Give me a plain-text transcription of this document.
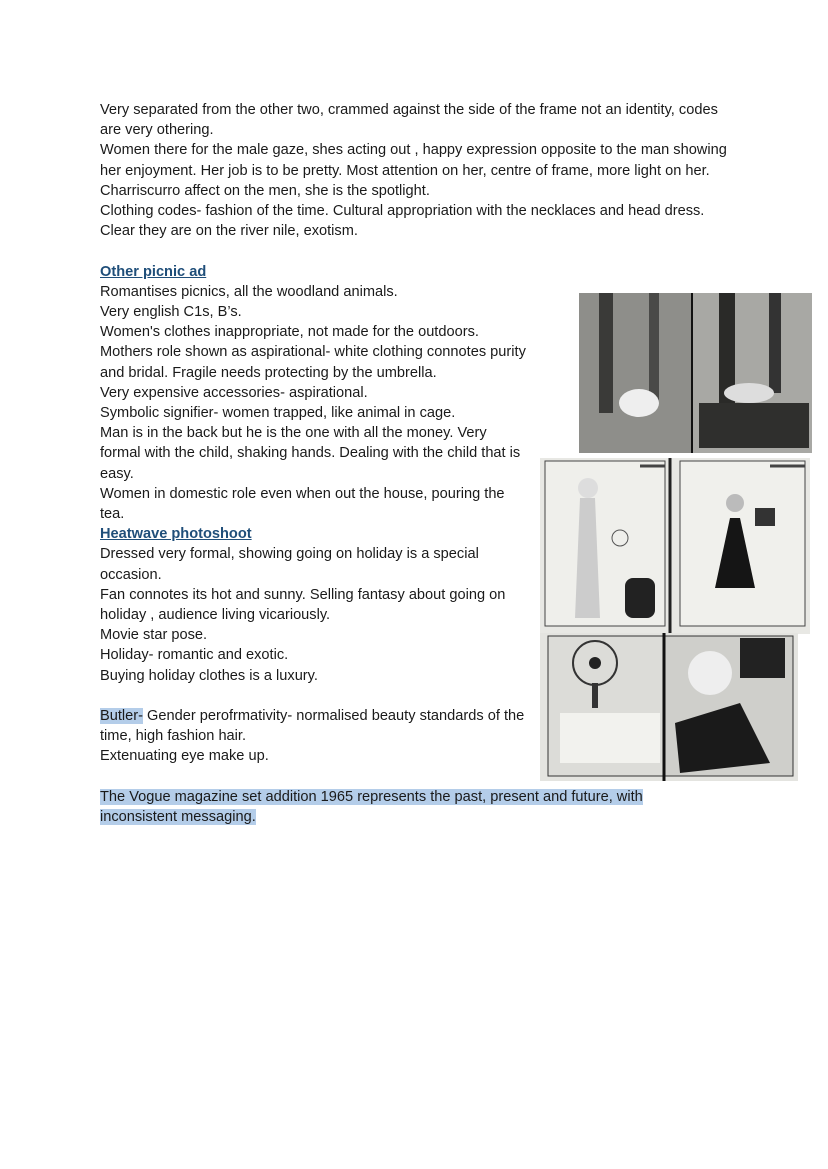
Very separated from the other two, crammed against the side of the frame not an identity, codes are very othering.

Women there for the male gaze, shes acting out , happy expression opposite to the man showing her enjoyment. Her job is to be pretty. Most attention on her, centre of frame, more light on her. Charriscurro affect on the men, she is the spotlight.

Clothing codes- fashion of the time. Cultural appropriation with the necklaces and head dress.

Clear they are on the river nile, exotism.

Other picnic ad

Romantises picnics, all the woodland animals.

Very english C1s, B’s.

Women's clothes inappropriate, not made for the outdoors.

Mothers role shown as aspirational- white clothing connotes purity and bridal. Fragile needs protecting by the umbrella.

Very expensive accessories- aspirational.

Symbolic signifier- women trapped, like animal in cage.

Man is in the back but he is the one with all the money. Very formal with the child, shaking hands. Dealing with the child that is easy.

Women in domestic role even when out the house, pouring the tea.

Heatwave photoshoot

Dressed very formal, showing going on holiday is a special occasion.

Fan connotes its hot and sunny. Selling fantasy about going on holiday , audience living vicariously.

Movie star pose.

Holiday- romantic and exotic.

Buying holiday clothes is a luxury.

Butler- Gender perofrmativity- normalised beauty standards of the time, high fashion hair.

Extenuating eye make up.

The Vogue magazine set addition 1965 represents the past, present and future, with inconsistent messaging.
